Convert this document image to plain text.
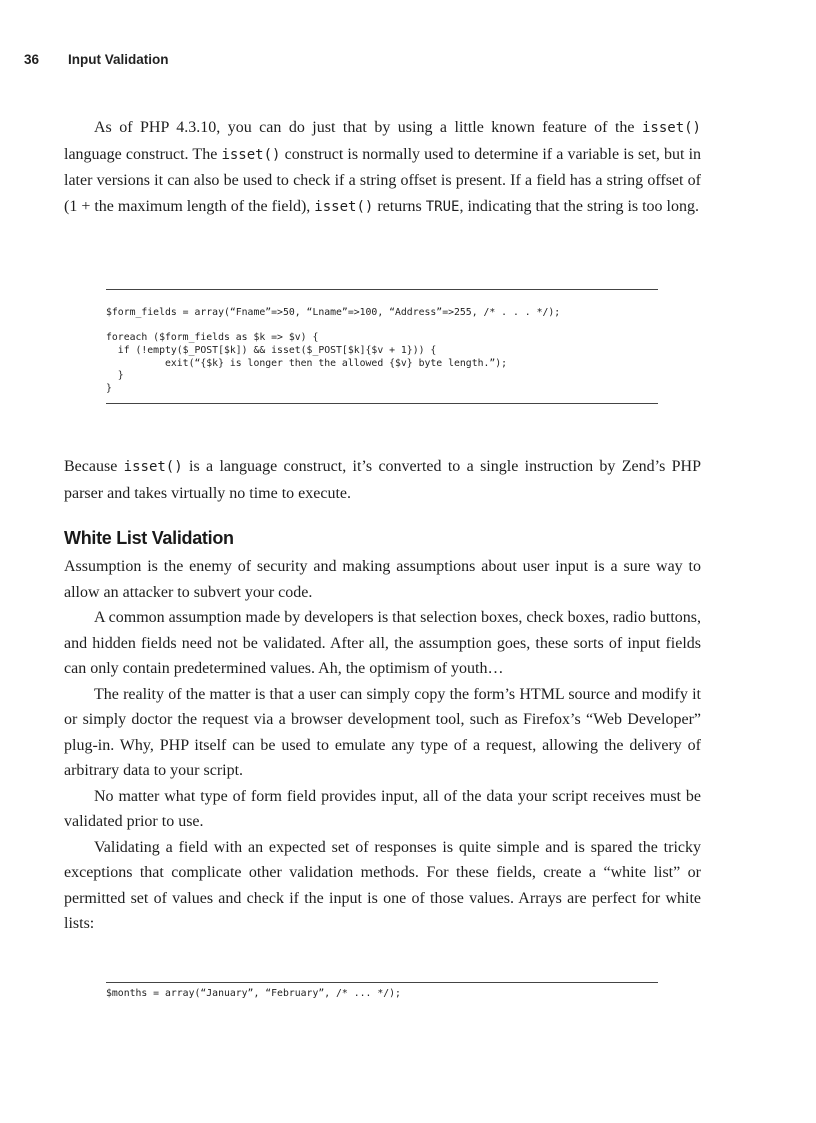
36 Input Validation

As of PHP 4.3.10, you can do just that by using a little known feature of the isset() language construct. The isset() construct is normally used to determine if a variable is set, but in later versions it can also be used to check if a string offset is present. If a field has a string offset of (1 + the maximum length of the field), isset() returns TRUE, indicating that the string is too long.

$form_fields = array(“Fname”=>50, “Lname”=>100, “Address”=>255, /* . . . */);
foreach ($form_fields as $k => $v) {
if (!empty($_POST[$k]) && isset($_POST[$k]{$v + 1})) {
exit(“{$k} is longer then the allowed {$v} byte length.”);
}
}

Because isset() is a language construct, it’s converted to a single instruction by Zend’s PHP parser and takes virtually no time to execute.

White List Validation

Assumption is the enemy of security and making assumptions about user input is a sure way to allow an attacker to subvert your code.

A common assumption made by developers is that selection boxes, check boxes, radio buttons, and hidden fields need not be validated. After all, the assumption goes, these sorts of input fields can only contain predetermined values. Ah, the optimism of youth…

The reality of the matter is that a user can simply copy the form’s HTML source and modify it or simply doctor the request via a browser development tool, such as Firefox’s “Web Developer” plug-in. Why, PHP itself can be used to emulate any type of a request, allowing the delivery of arbitrary data to your script.

No matter what type of form field provides input, all of the data your script receives must be validated prior to use.

Validating a field with an expected set of responses is quite simple and is spared the tricky exceptions that complicate other validation methods. For these fields, create a “white list” or permitted set of values and check if the input is one of those values. Arrays are perfect for white lists:

$months = array(“January”, “February”, /* ... */);
